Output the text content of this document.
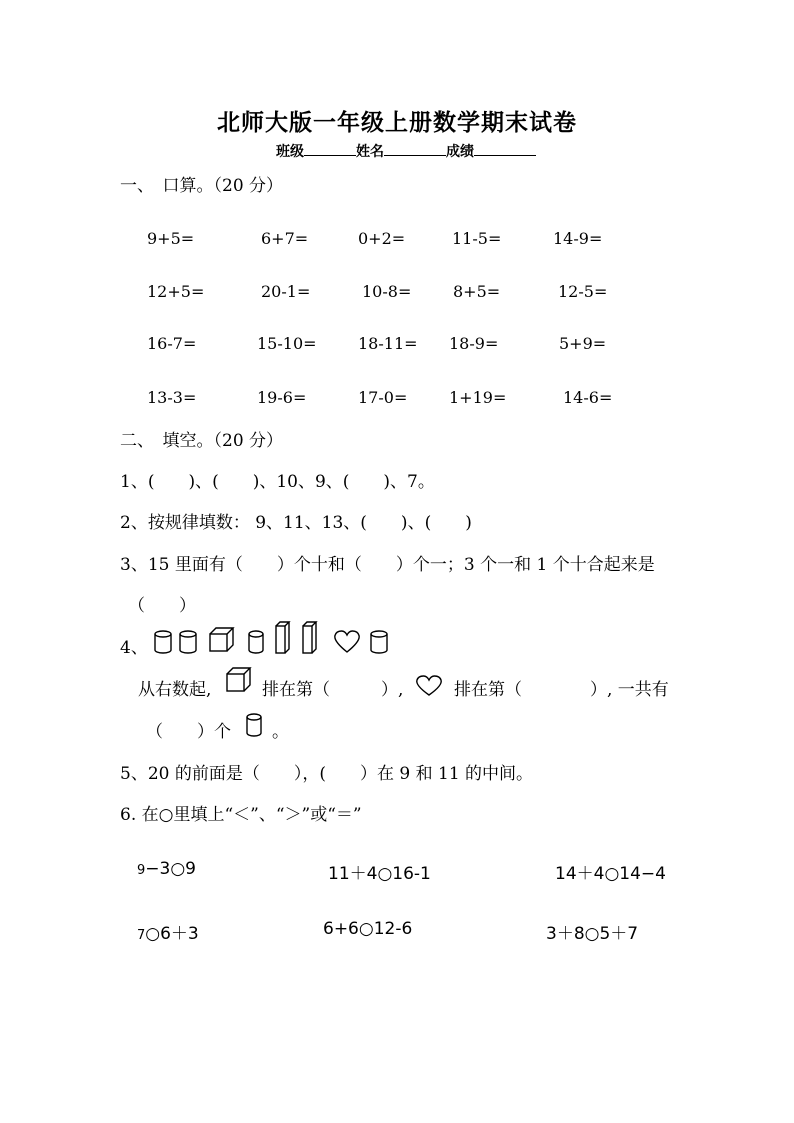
北师大版一年级上册数学期末试卷
班级	姓名	成绩
一、　口算。（20 分）
9+5=	6+7=	0+2=	11-5=	14-9=
12+5=	20-1=	10-8=	8+5=	12-5=
16-7=	15-10=	18-11= 18-9=	5+9=
13-3=	19-6=	17-0=	1+19=	14-6=
二、　填空。（20 分）
1、(　　)、(　　)、10、9、(　　)、7。
2、按规律填数： 9、11、13、(　　)、(　　)
3、15 里面有（　　）个十和（　　）个一；3 个一和 1 个十合起来是
（　　）
4、
从右数起,	排在第（　　　）,	排在第（　　　　）, 一共有
（　　）个 。
5、20 的前面是（　　），(　　）在 9 和 11 的中间。
6. 在○里填上“＜”、“＞”或“＝”
9−3○9	11＋4○16-1	14＋4○14−4
7○6＋3	6+6○12-6	3＋8○5＋7
